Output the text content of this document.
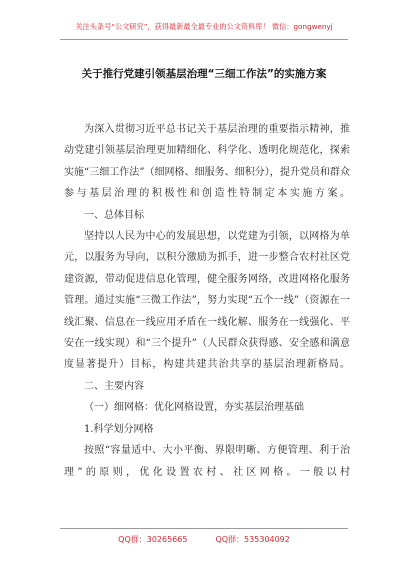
关注头条号“公文研究”，获得最新最全最专业的公文资料库！ 微信：gongwenyj
关于推行党建引领基层治理“三细工作法”的实施方案

为深入贯彻习近平总书记关于基层治理的重要指示精神，推动党建引领基层治理更加精细化、科学化、透明化规范化，探索实施“三细工作法”（细网格、细服务、细积分），提升党员和群众参与基层治理的积极性和创造性特制定本实施方案。

一、总体目标

坚持以人民为中心的发展思想，以党建为引领，以网格为单元，以服务为导向，以积分激励为抓手，进一步整合农村社区党建资源，带动促进信息化管理，健全服务网络，改进网格化服务管理。通过实施“三微工作法”，努力实现“五个一线”（资源在一线汇聚、信息在一线应用矛盾在一线化解、服务在一线强化、平安在一线实现）和“三个提升”（人民群众获得感、安全感和满意度显著提升）目标，构建共建共治共享的基层治理新格局。

二、主要内容

（一）细网格：优化网格设置，夯实基层治理基础

1.科学划分网格

按照“容量适中、大小平衡、界限明晰、方便管理、利于治理”的原则，优化设置农村、社区网格。一般以村

QQ群：30265665	QQ群：535304092
